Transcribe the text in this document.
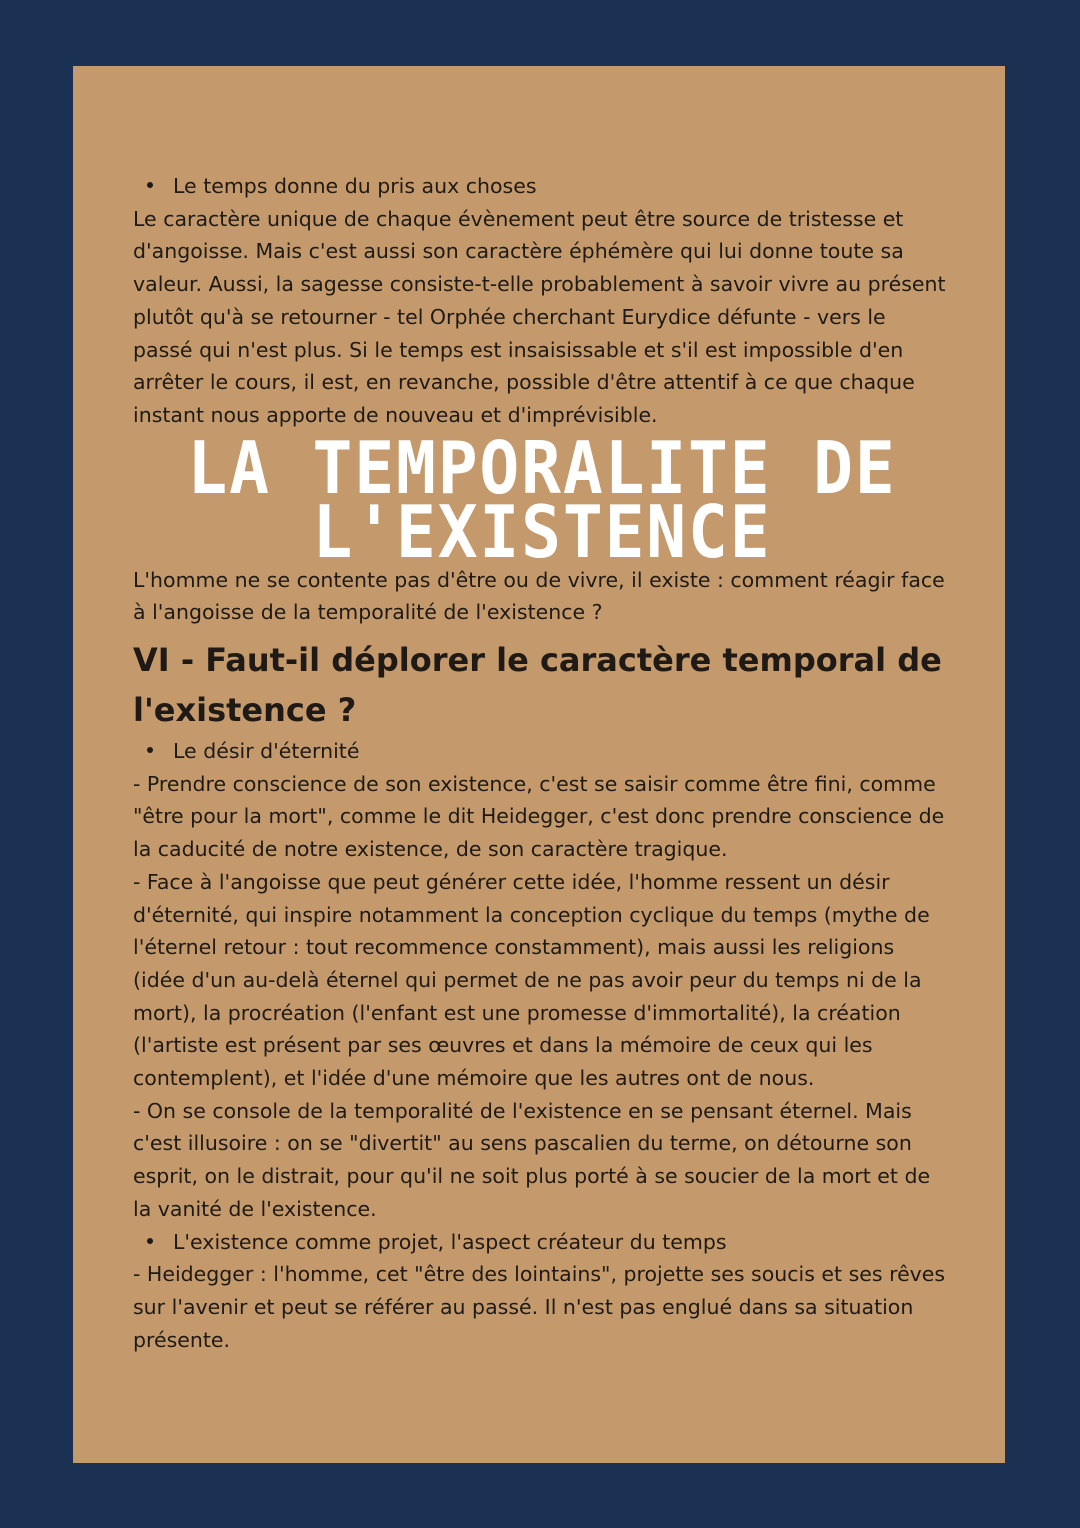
Le temps donne du pris aux choses

Le caractère unique de chaque évènement peut être source de tristesse et d'angoisse. Mais c'est aussi son caractère éphémère qui lui donne toute sa valeur. Aussi, la sagesse consiste-t-elle probablement à savoir vivre au présent plutôt qu'à se retourner - tel Orphée cherchant Eurydice défunte - vers le passé qui n'est plus. Si le temps est insaisissable et s'il est impossible d'en arrêter le cours, il est, en revanche, possible d'être attentif à ce que chaque instant nous apporte de nouveau et d'imprévisible.

LA TEMPORALITE DE
L'EXISTENCE

L'homme ne se contente pas d'être ou de vivre, il existe : comment réagir face à l'angoisse de la temporalité de l'existence ?

VI - Faut-il déplorer le caractère temporal de l'existence ?
Le désir d'éternité

- Prendre conscience de son existence, c'est se saisir comme être fini, comme "être pour la mort", comme le dit Heidegger, c'est donc prendre conscience de la caducité de notre existence, de son caractère tragique.

- Face à l'angoisse que peut générer cette idée, l'homme ressent un désir d'éternité, qui inspire notamment la conception cyclique du temps (mythe de l'éternel retour : tout recommence constamment), mais aussi les religions (idée d'un au-delà éternel qui permet de ne pas avoir peur du temps ni de la mort), la procréation (l'enfant est une promesse d'immortalité), la création (l'artiste est présent par ses œuvres et dans la mémoire de ceux qui les contemplent), et l'idée d'une mémoire que les autres ont de nous.

- On se console de la temporalité de l'existence en se pensant éternel. Mais c'est illusoire : on se "divertit" au sens pascalien du terme, on détourne son esprit, on le distrait, pour qu'il ne soit plus porté à se soucier de la mort et de la vanité de l'existence.

L'existence comme projet, l'aspect créateur du temps

- Heidegger : l'homme, cet "être des lointains", projette ses soucis et ses rêves sur l'avenir et peut se référer au passé. Il n'est pas englué dans sa situation présente.
